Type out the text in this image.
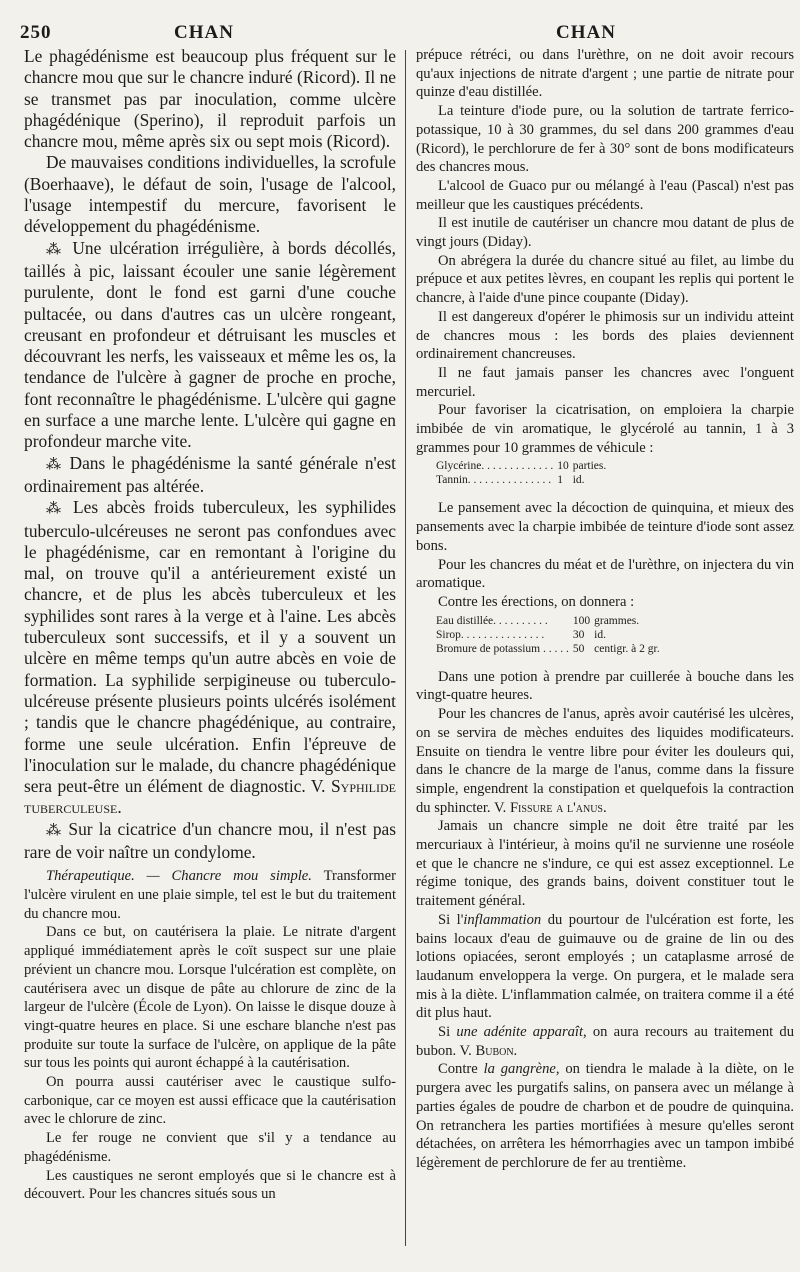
250	CHAN	CHAN

Le phagédénisme est beaucoup plus fréquent sur le chancre mou que sur le chancre induré (Ricord). Il ne se transmet pas par inoculation, comme ulcère phagédénique (Sperino), il reproduit parfois un chancre mou, même après six ou sept mois (Ricord).

De mauvaises conditions individuelles, la scrofule (Boerhaave), le défaut de soin, l'usage de l'alcool, l'usage intempestif du mercure, favorisent le développement du phagédénisme.

⁂ Une ulcération irrégulière, à bords décollés, taillés à pic, laissant écouler une sanie légèrement purulente, dont le fond est garni d'une couche pultacée, ou dans d'autres cas un ulcère rongeant, creusant en profondeur et détruisant les muscles et découvrant les nerfs, les vaisseaux et même les os, la tendance de l'ulcère à gagner de proche en proche, font reconnaître le phagédénisme. L'ulcère qui gagne en surface a une marche lente. L'ulcère qui gagne en profondeur marche vite.

⁂ Dans le phagédénisme la santé générale n'est ordinairement pas altérée.

⁂ Les abcès froids tuberculeux, les syphilides tuberculo-ulcéreuses ne seront pas confondues avec le phagédénisme, car en remontant à l'origine du mal, on trouve qu'il a antérieurement existé un chancre, et de plus les abcès tuberculeux et les syphilides sont rares à la verge et à l'aine. Les abcès tuberculeux sont successifs, et il y a souvent un ulcère en même temps qu'un autre abcès en voie de formation. La syphilide serpigineuse ou tuberculo-ulcéreuse présente plusieurs points ulcérés isolément ; tandis que le chancre phagédénique, au contraire, forme une seule ulcération. Enfin l'épreuve de l'inoculation sur le malade, du chancre phagédénique sera peut-être un élément de diagnostic. V. Syphilide tuberculeuse.

⁂ Sur la cicatrice d'un chancre mou, il n'est pas rare de voir naître un condylome.

Thérapeutique. — Chancre mou simple. Transformer l'ulcère virulent en une plaie simple, tel est le but du traitement du chancre mou.

Dans ce but, on cautérisera la plaie. Le nitrate d'argent appliqué immédiatement après le coït suspect sur une plaie prévient un chancre mou. Lorsque l'ulcération est complète, on cautérisera avec un disque de pâte au chlorure de zinc de la largeur de l'ulcère (École de Lyon). On laisse le disque douze à vingt-quatre heures en place. Si une eschare blanche n'est pas produite sur toute la surface de l'ulcère, on applique de la pâte sur tous les points qui auront échappé à la cautérisation.

On pourra aussi cautériser avec le caustique sulfo-carbonique, car ce moyen est aussi efficace que la cautérisation avec le chlorure de zinc.

Le fer rouge ne convient que s'il y a tendance au phagédénisme.

Les caustiques ne seront employés que si le chancre est à découvert. Pour les chancres situés sous un

prépuce rétréci, ou dans l'urèthre, on ne doit avoir recours qu'aux injections de nitrate d'argent ; une partie de nitrate pour quinze d'eau distillée.

La teinture d'iode pure, ou la solution de tartrate ferrico-potassique, 10 à 30 grammes, du sel dans 200 grammes d'eau (Ricord), le perchlorure de fer à 30° sont de bons modificateurs des chancres mous.

L'alcool de Guaco pur ou mélangé à l'eau (Pascal) n'est pas meilleur que les caustiques précédents.

Il est inutile de cautériser un chancre mou datant de plus de vingt jours (Diday).

On abrégera la durée du chancre situé au filet, au limbe du prépuce et aux petites lèvres, en coupant les replis qui portent le chancre, à l'aide d'une pince coupante (Diday).

Il est dangereux d'opérer le phimosis sur un individu atteint de chancres mous : les bords des plaies deviennent ordinairement chancreuses.

Il ne faut jamais panser les chancres avec l'onguent mercuriel.

Pour favoriser la cicatrisation, on emploiera la charpie imbibée de vin aromatique, le glycérolé au tannin, 1 à 3 grammes pour 10 grammes de véhicule :

Glycérine. . . . . . . . . . . . .	10	parties.
Tannin. . . . . . . . . . . . . . .	1	id.

Le pansement avec la décoction de quinquina, et mieux des pansements avec la charpie imbibée de teinture d'iode sont assez bons.

Pour les chancres du méat et de l'urèthre, on injectera du vin aromatique.

Contre les érections, on donnera :

Eau distillée. . . . . . . . . .	100	grammes.
Sirop. . . . . . . . . . . . . . .	30	id.
Bromure de potassium . . . . .	50	centigr. à 2 gr.

Dans une potion à prendre par cuillerée à bouche dans les vingt-quatre heures.

Pour les chancres de l'anus, après avoir cautérisé les ulcères, on se servira de mèches enduites des liquides modificateurs. Ensuite on tiendra le ventre libre pour éviter les douleurs qui, dans le chancre de la marge de l'anus, comme dans la fissure simple, engendrent la constipation et quelquefois la contraction du sphincter. V. Fissure a l'anus.

Jamais un chancre simple ne doit être traité par les mercuriaux à l'intérieur, à moins qu'il ne survienne une roséole et que le chancre ne s'indure, ce qui est assez exceptionnel. Le régime tonique, des grands bains, doivent constituer tout le traitement général.

Si l'inflammation du pourtour de l'ulcération est forte, les bains locaux d'eau de guimauve ou de graine de lin ou des lotions opiacées, seront employés ; un cataplasme arrosé de laudanum enveloppera la verge. On purgera, et le malade sera mis à la diète. L'inflammation calmée, on traitera comme il a été dit plus haut.

Si une adénite apparaît, on aura recours au traitement du bubon. V. Bubon.

Contre la gangrène, on tiendra le malade à la diète, on le purgera avec les purgatifs salins, on pansera avec un mélange à parties égales de poudre de charbon et de poudre de quinquina. On retranchera les parties mortifiées à mesure qu'elles seront détachées, on arrêtera les hémorrhagies avec un tampon imbibé légèrement de perchlorure de fer au trentième.
